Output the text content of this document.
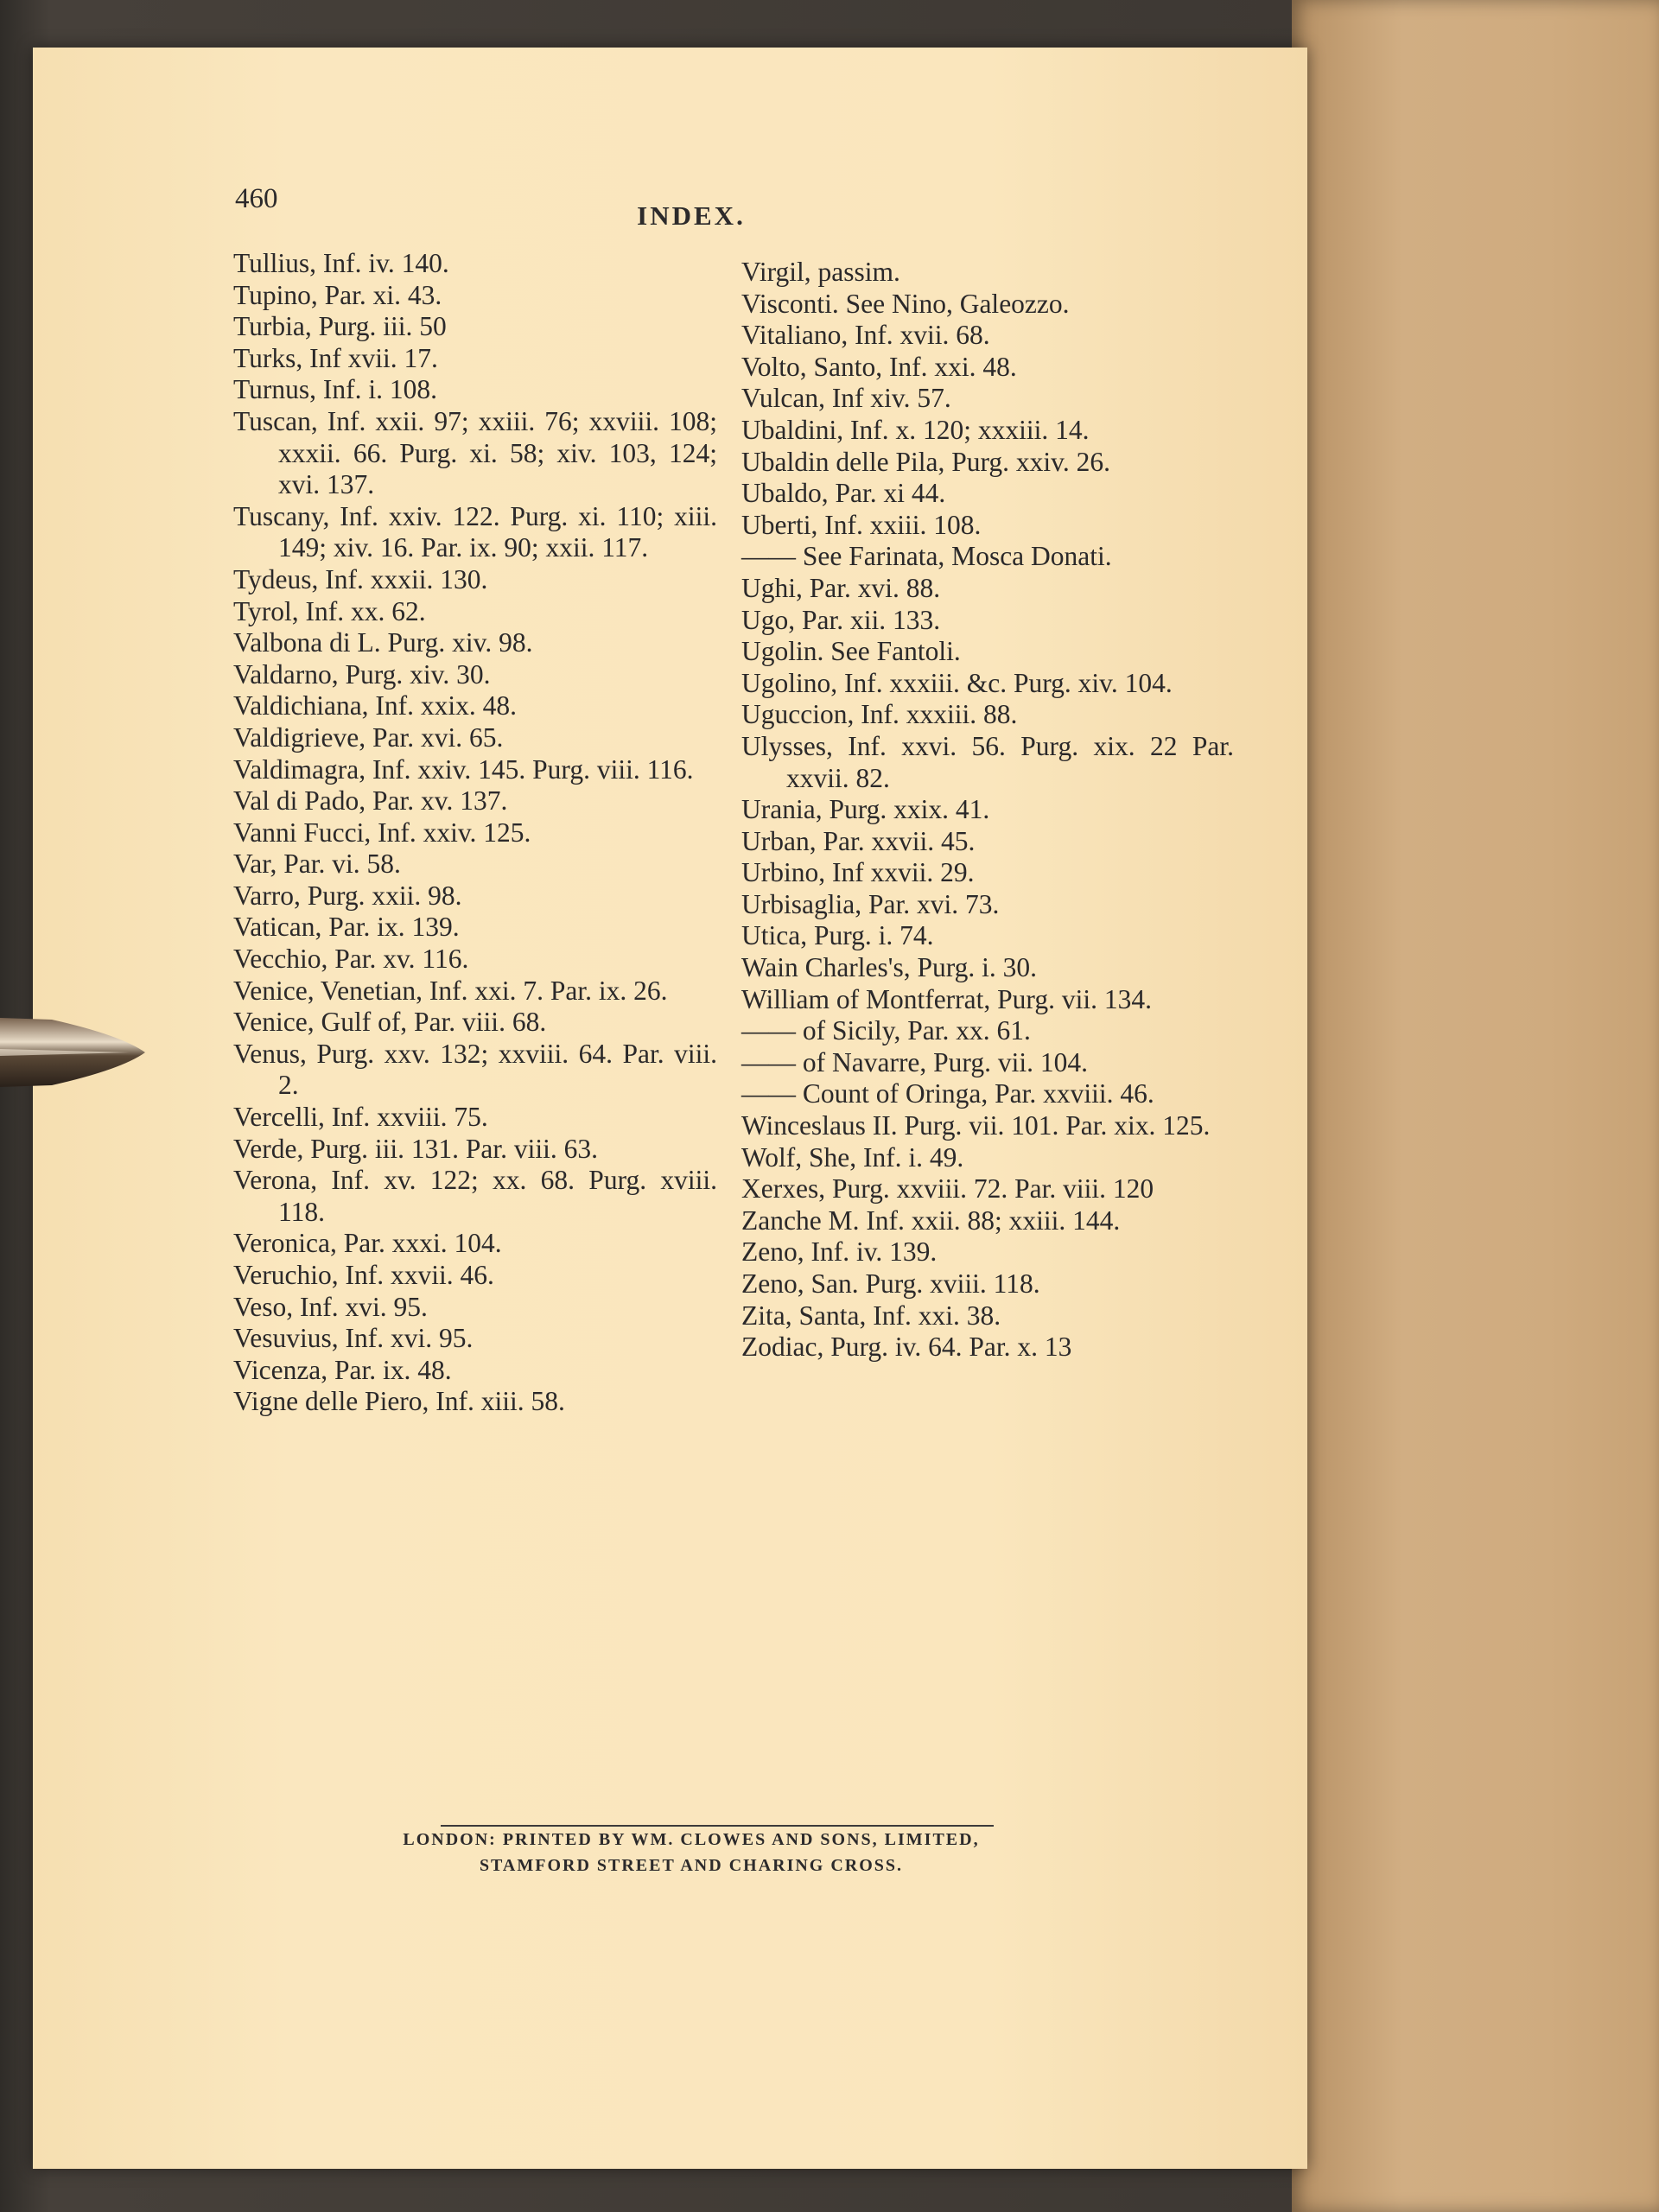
460
INDEX.
Tullius, Inf. iv. 140.
Tupino, Par. xi. 43.
Turbia, Purg. iii. 50
Turks, Inf xvii. 17.
Turnus, Inf. i. 108.
Tuscan, Inf. xxii. 97; xxiii. 76; xxviii. 108; xxxii. 66. Purg. xi. 58; xiv. 103, 124; xvi. 137.
Tuscany, Inf. xxiv. 122. Purg. xi. 110; xiii. 149; xiv. 16. Par. ix. 90; xxii. 117.
Tydeus, Inf. xxxii. 130.
Tyrol, Inf. xx. 62.
Valbona di L. Purg. xiv. 98.
Valdarno, Purg. xiv. 30.
Valdichiana, Inf. xxix. 48.
Valdigrieve, Par. xvi. 65.
Valdimagra, Inf. xxiv. 145. Purg. viii. 116.
Val di Pado, Par. xv. 137.
Vanni Fucci, Inf. xxiv. 125.
Var, Par. vi. 58.
Varro, Purg. xxii. 98.
Vatican, Par. ix. 139.
Vecchio, Par. xv. 116.
Venice, Venetian, Inf. xxi. 7. Par. ix. 26.
Venice, Gulf of, Par. viii. 68.
Venus, Purg. xxv. 132; xxviii. 64. Par. viii. 2.
Vercelli, Inf. xxviii. 75.
Verde, Purg. iii. 131. Par. viii. 63.
Verona, Inf. xv. 122; xx. 68. Purg. xviii. 118.
Veronica, Par. xxxi. 104.
Veruchio, Inf. xxvii. 46.
Veso, Inf. xvi. 95.
Vesuvius, Inf. xvi. 95.
Vicenza, Par. ix. 48.
Vigne delle Piero, Inf. xiii. 58.
Virgil, passim.
Visconti. See Nino, Galeozzo.
Vitaliano, Inf. xvii. 68.
Volto, Santo, Inf. xxi. 48.
Vulcan, Inf xiv. 57.
Ubaldini, Inf. x. 120; xxxiii. 14.
Ubaldin delle Pila, Purg. xxiv. 26.
Ubaldo, Par. xi 44.
Uberti, Inf. xxiii. 108.
—— See Farinata, Mosca Donati.
Ughi, Par. xvi. 88.
Ugo, Par. xii. 133.
Ugolin. See Fantoli.
Ugolino, Inf. xxxiii. &c. Purg. xiv. 104.
Uguccion, Inf. xxxiii. 88.
Ulysses, Inf. xxvi. 56. Purg. xix. 22 Par. xxvii. 82.
Urania, Purg. xxix. 41.
Urban, Par. xxvii. 45.
Urbino, Inf xxvii. 29.
Urbisaglia, Par. xvi. 73.
Utica, Purg. i. 74.
Wain Charles's, Purg. i. 30.
William of Montferrat, Purg. vii. 134.
—— of Sicily, Par. xx. 61.
—— of Navarre, Purg. vii. 104.
—— Count of Oringa, Par. xxviii. 46.
Winceslaus II. Purg. vii. 101. Par. xix. 125.
Wolf, She, Inf. i. 49.
Xerxes, Purg. xxviii. 72. Par. viii. 120
Zanche M. Inf. xxii. 88; xxiii. 144.
Zeno, Inf. iv. 139.
Zeno, San. Purg. xviii. 118.
Zita, Santa, Inf. xxi. 38.
Zodiac, Purg. iv. 64. Par. x. 13
LONDON: PRINTED BY WM. CLOWES AND SONS, LIMITED,
STAMFORD STREET AND CHARING CROSS.
